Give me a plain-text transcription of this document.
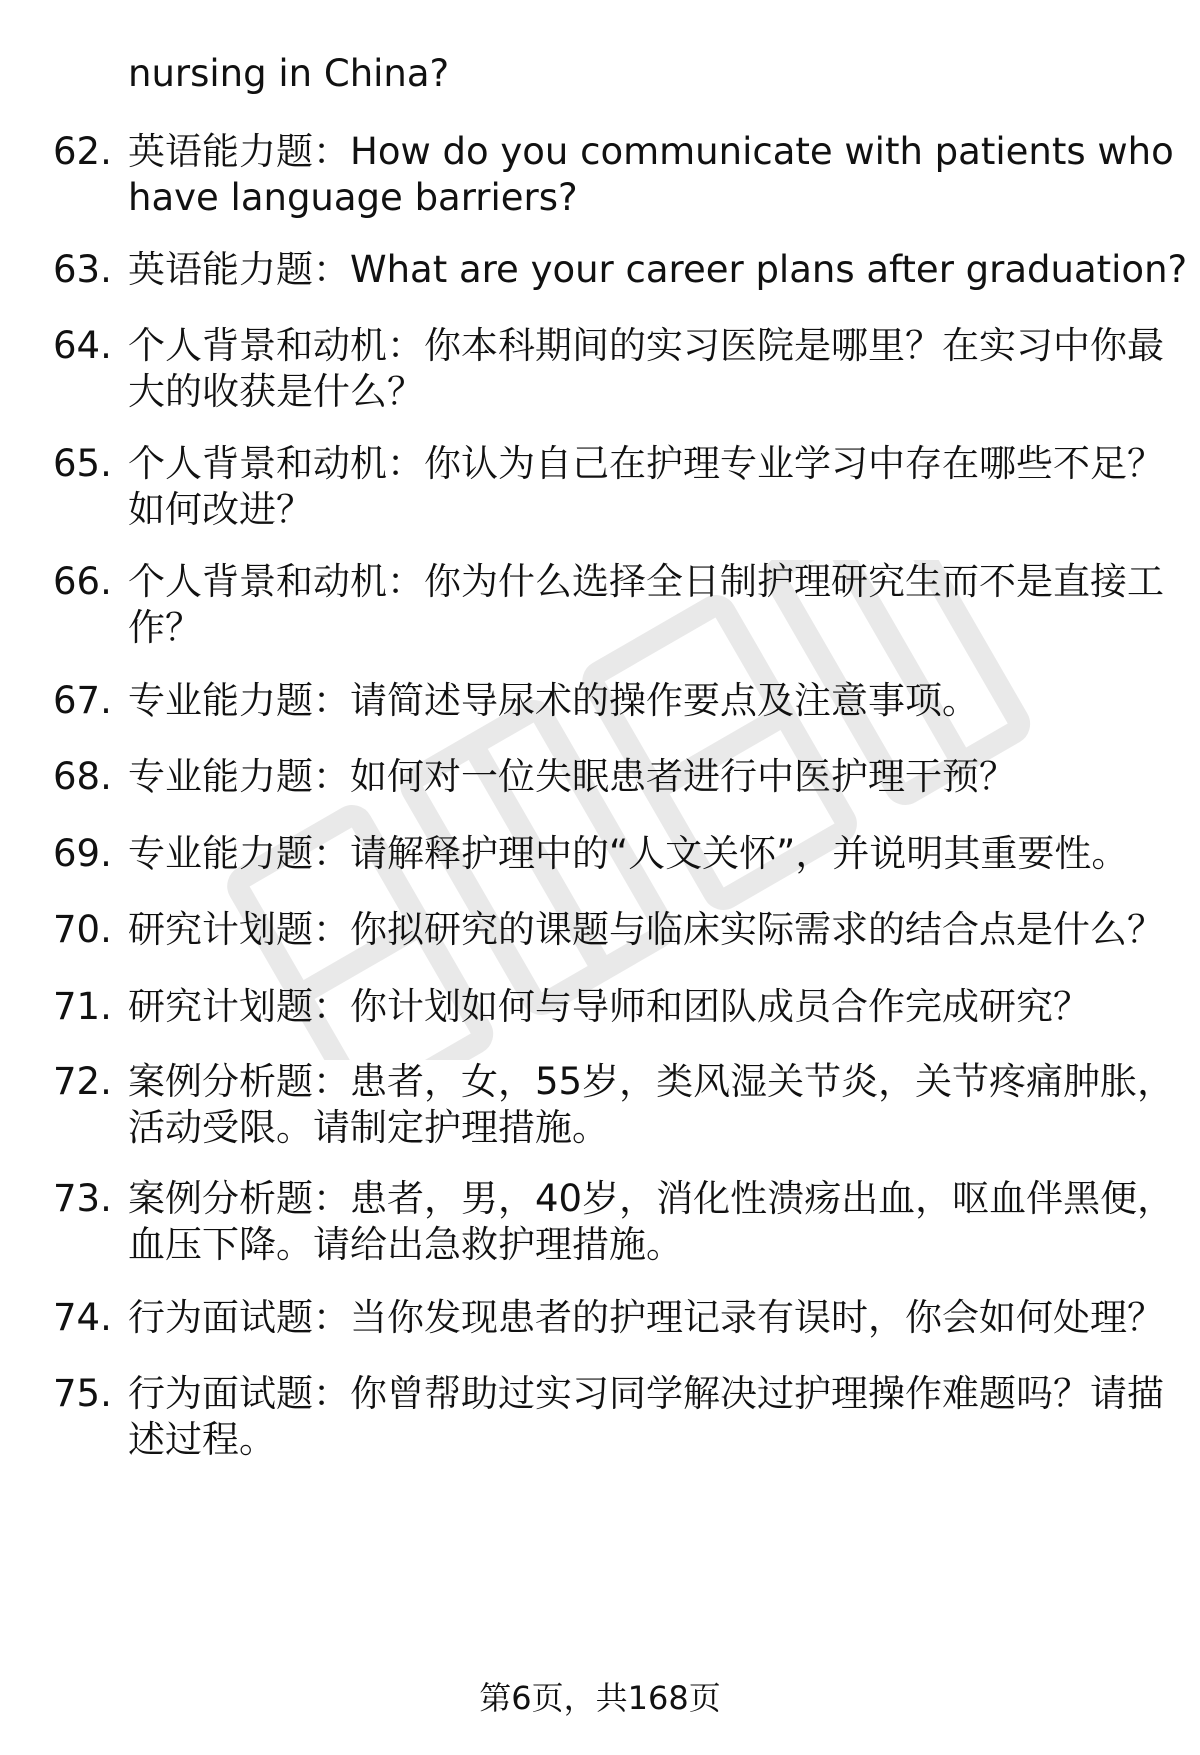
nursing in China?
62. 英语能力题：How do you communicate with patients who
have language barriers?
63. 英语能力题：What are your career plans after graduation?
64. 个人背景和动机：你本科期间的实习医院是哪里？在实习中你最
大的收获是什么？
65. 个人背景和动机：你认为自己在护理专业学习中存在哪些不足？
如何改进？
66. 个人背景和动机：你为什么选择全日制护理研究生而不是直接工
作？
67. 专业能力题：请简述导尿术的操作要点及注意事项。
68. 专业能力题：如何对一位失眠患者进行中医护理干预？
69. 专业能力题：请解释护理中的“人文关怀”，并说明其重要性。
70. 研究计划题：你拟研究的课题与临床实际需求的结合点是什么？
71. 研究计划题：你计划如何与导师和团队成员合作完成研究？
72. 案例分析题：患者，女，55岁，类风湿关节炎，关节疼痛肿胀，
活动受限。请制定护理措施。
73. 案例分析题：患者，男，40岁，消化性溃疡出血，呕血伴黑便，
血压下降。请给出急救护理措施。
74. 行为面试题：当你发现患者的护理记录有误时，你会如何处理？
75. 行为面试题：你曾帮助过实习同学解决过护理操作难题吗？请描
述过程。
第6页，共168页
